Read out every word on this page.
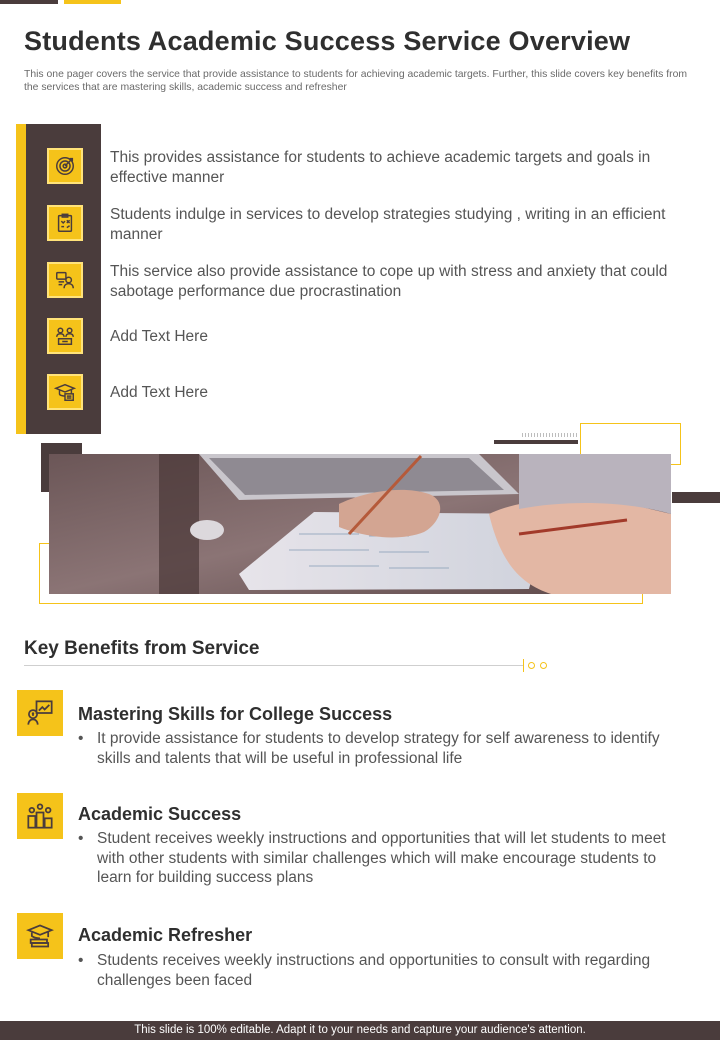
Students Academic Success Service Overview

This one pager covers the service that provide assistance to students for achieving academic targets. Further, this slide covers key benefits from the services that are mastering skills, academic success and refresher

This provides assistance for students to achieve academic targets and goals in effective manner

Students indulge in services to develop strategies studying , writing in an efficient manner

This service also provide assistance to cope up with stress and anxiety that could sabotage performance due procrastination

Add Text Here

Add Text Here

Key Benefits from Service
Mastering Skills for College Success

• It provide assistance for students to develop strategy for self awareness to identify skills and talents that will be useful in professional life

Academic Success

• Student receives weekly instructions and opportunities that will let students to meet with other students with similar challenges which will make encourage students to learn for building success plans

Academic Refresher

• Students receives weekly instructions and opportunities to consult with regarding challenges been faced

This slide is 100% editable. Adapt it to your needs and capture your audience's attention.
